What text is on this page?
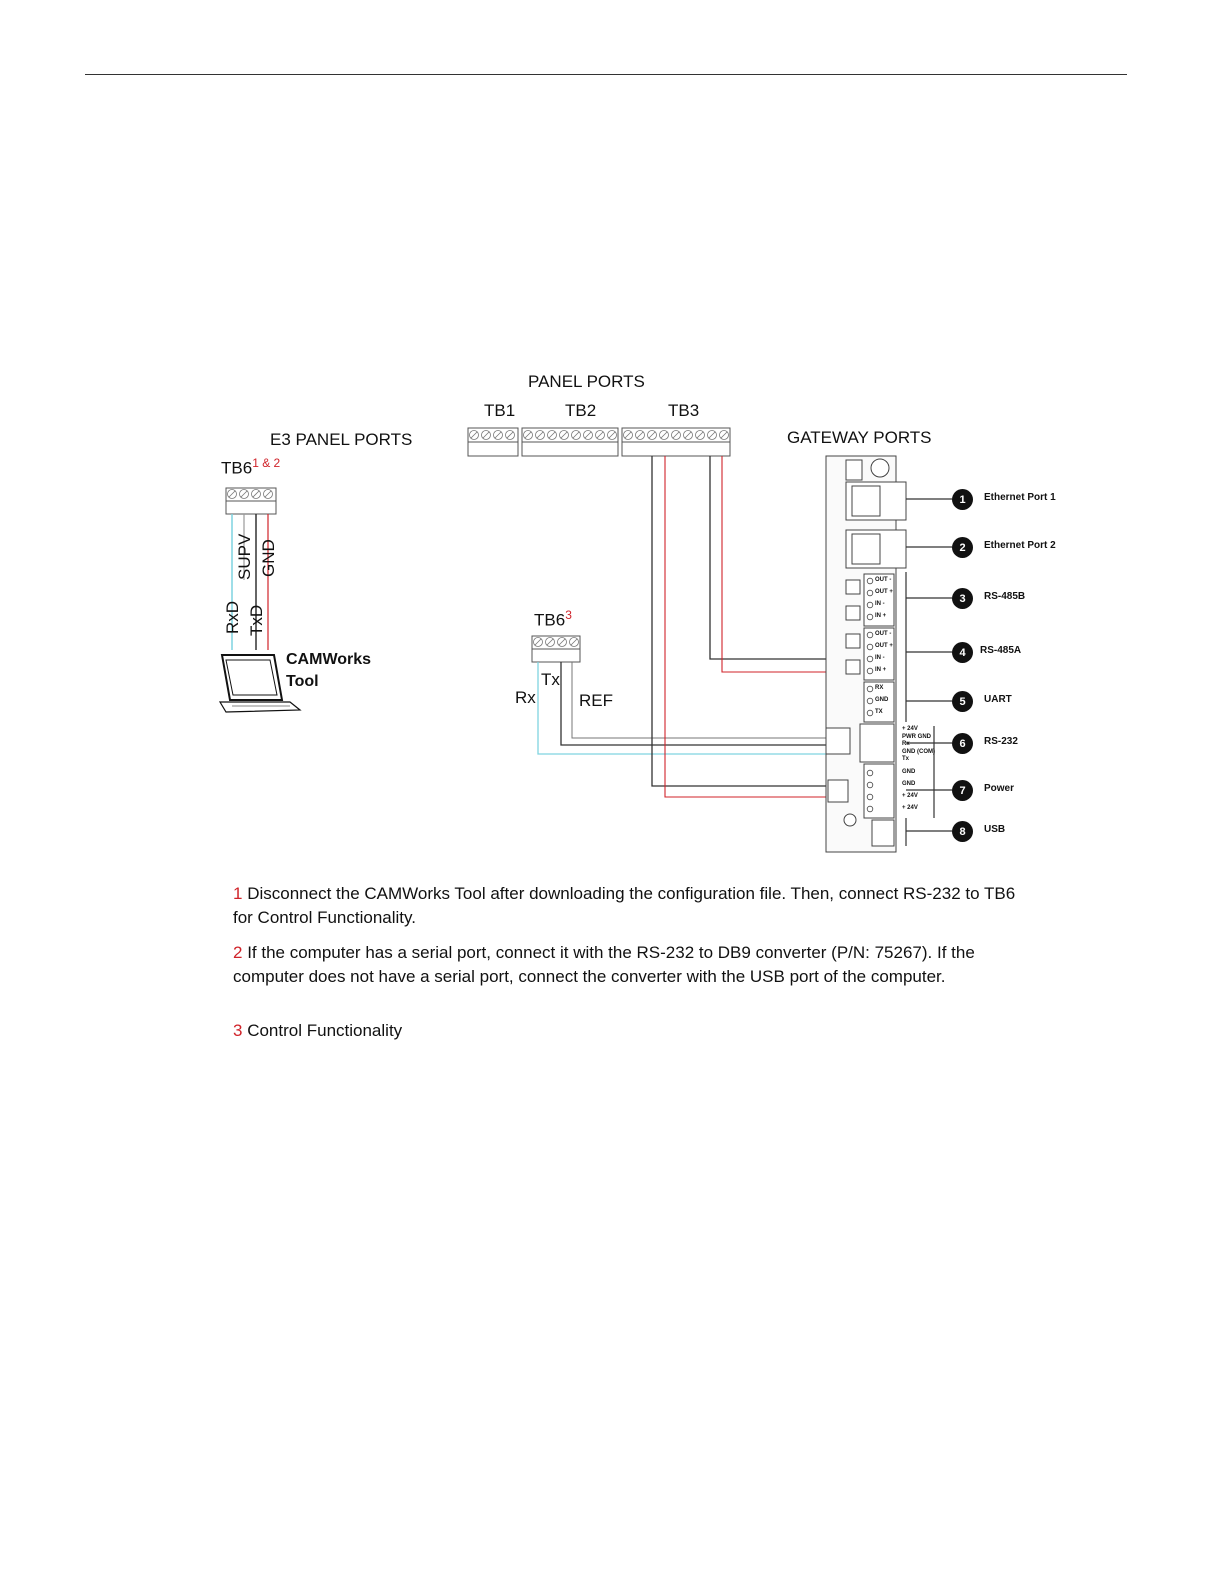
OUT -
OUT +
IN -
IN +
OUT -
OUT +
IN -
IN +
RX
GND
TX
+ 24V
PWR GND
Rx
GND (COM)
Tx
GND
GND
+ 24V
+ 24V
PANEL PORTS
TB1	TB2	TB3
E3 PANEL PORTS	GATEWAY PORTS
$TB6^{1 \& 2}$
$TB6^3$
RxD
SUPV
TxD
GND
Tx
Rx	REF
CAMWorks
Tool
1	Ethernet Port 1
2	Ethernet Port 2
3	RS-485B
4	RS-485A
5	UART
6	RS-232
7	Power
8	USB
1 Disconnect the CAMWorks Tool after downloading the configuration file. Then, connect RS-232 to TB6 for Control Functionality.
2 If the computer has a serial port, connect it with the RS-232 to DB9 converter (P/N: 75267). If the computer does not have a serial port, connect the converter with the USB port of the computer.
3 Control Functionality
